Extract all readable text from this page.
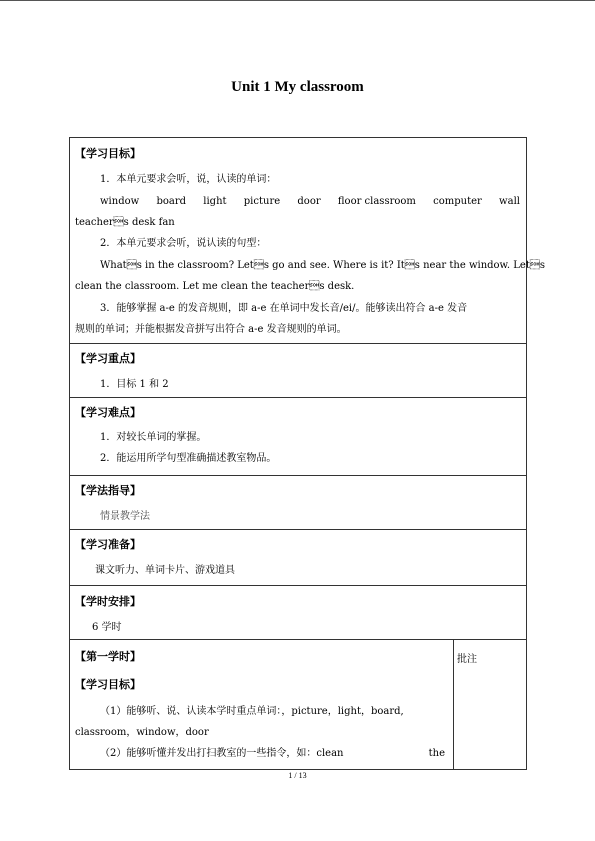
Unit 1 My classroom
【学习目标】
1．本单元要求会听，说，认读的单词：
window board light picture door floor classroom computer wall
teachers desk fan
2．本单元要求会听，说认读的句型：
Whats in the classroom? Lets go and see. Where is it? Its near the window. Lets
clean the classroom. Let me clean the teachers desk.
3．能够掌握 a-e 的发音规则，即 a-e 在单词中发长音/ei/。能够读出符合 a-e 发音
规则的单词；并能根据发音拼写出符合 a-e 发音规则的单词。
【学习重点】
1．目标 1 和 2
【学习难点】
1．对较长单词的掌握。
2．能运用所学句型准确描述教室物品。
【学法指导】
情景教学法
【学习准备】
课文听力、单词卡片、游戏道具
【学时安排】
6 学时
【第一学时】
【学习目标】
（1）能够听、说、认读本学时重点单词：，picture，light，board,
classroom，window，door
（2）能够听懂并发出打扫教室的一些指令，如：clean	the
批注
1 / 13
